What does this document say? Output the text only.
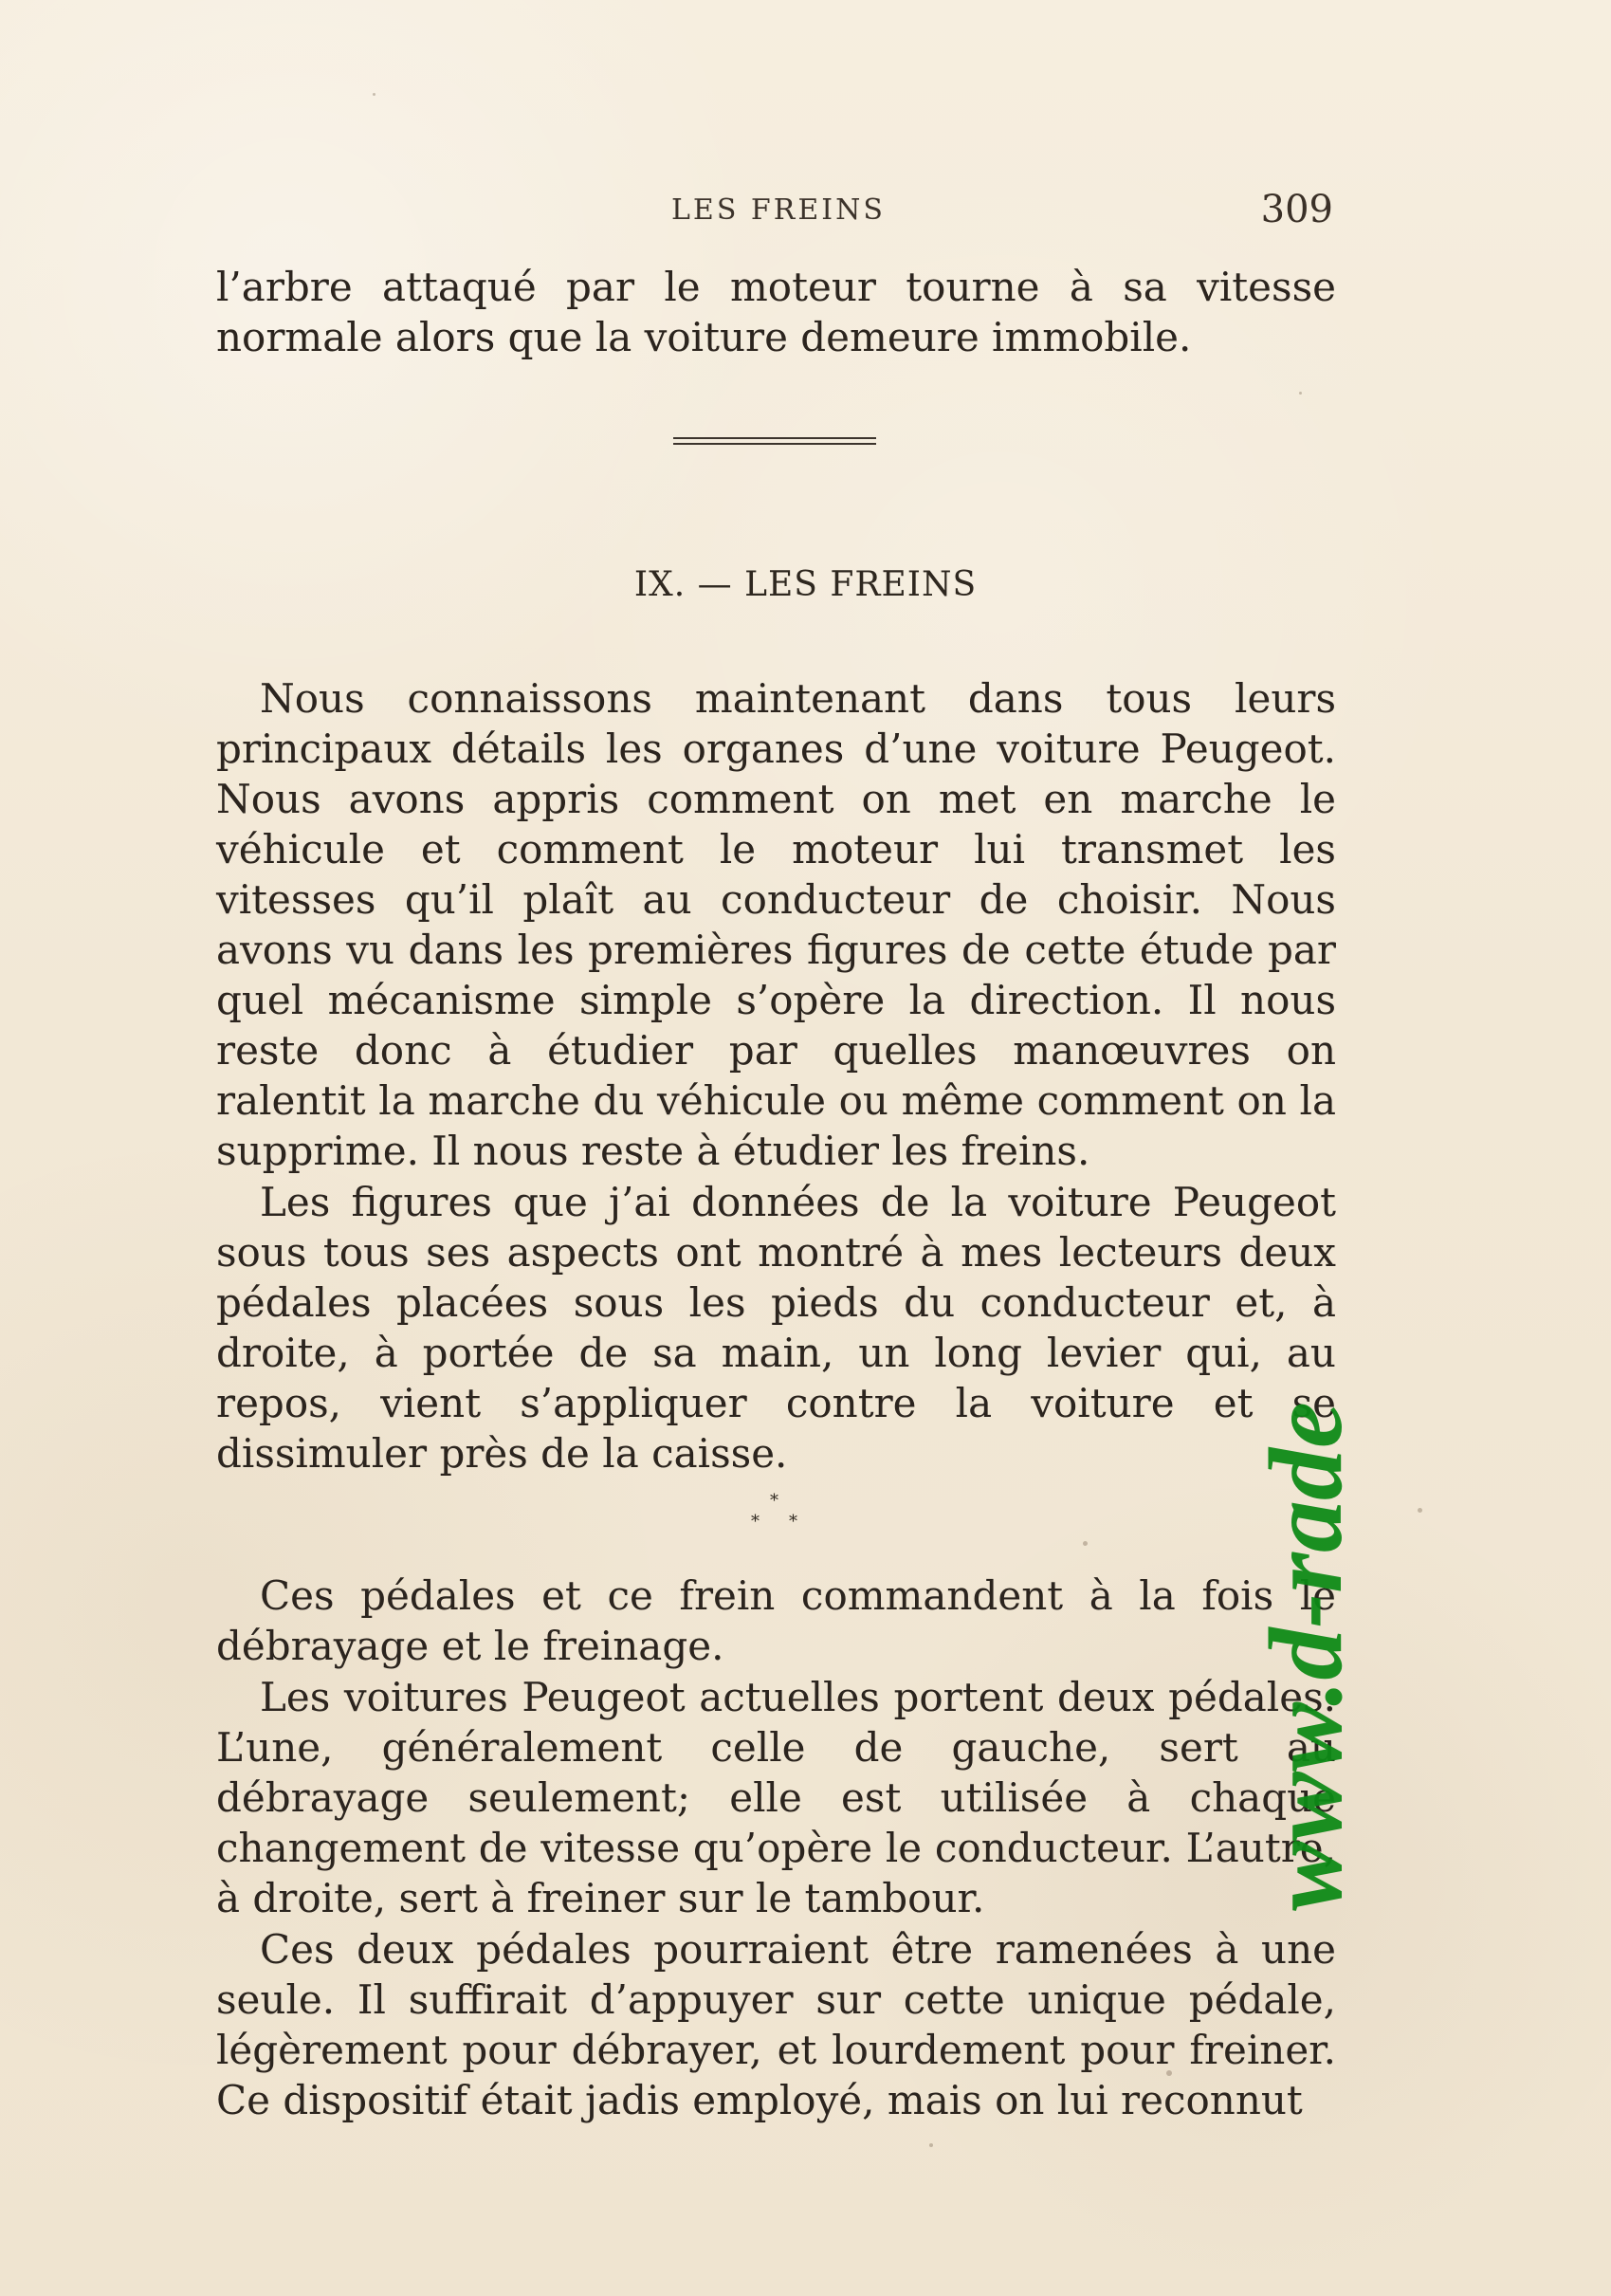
LES FREINS	309

l’arbre attaqué par le moteur tourne à sa vitesse normale alors que la voiture demeure immobile.

IX. — LES FREINS

Nous connaissons maintenant dans tous leurs principaux détails les organes d’une voiture Peugeot. Nous avons appris comment on met en marche le véhicule et comment le moteur lui transmet les vitesses qu’il plaît au conducteur de choisir. Nous avons vu dans les premières figures de cette étude par quel mécanisme simple s’opère la direction. Il nous reste donc à étudier par quelles manœuvres on ralentit la marche du véhicule ou même comment on la supprime. Il nous reste à étudier les freins.

Les figures que j’ai données de la voiture Peugeot sous tous ses aspects ont montré à mes lecteurs deux pédales placées sous les pieds du conducteur et, à droite, à portée de sa main, un long levier qui, au repos, vient s’appliquer contre la voiture et se dissimuler près de la caisse.

*
* *

Ces pédales et ce frein commandent à la fois le débrayage et le freinage.

Les voitures Peugeot actuelles portent deux pédales. L’une, généralement celle de gauche, sert au débrayage seulement; elle est utilisée à chaque changement de vitesse qu’opère le conducteur. L’autre, à droite, sert à freiner sur le tambour.

Ces deux pédales pourraient être ramenées à une seule. Il suffirait d’appuyer sur cette unique pédale, légèrement pour débrayer, et lourdement pour freiner. Ce dispositif était jadis employé, mais on lui reconnut

www.d-rade
